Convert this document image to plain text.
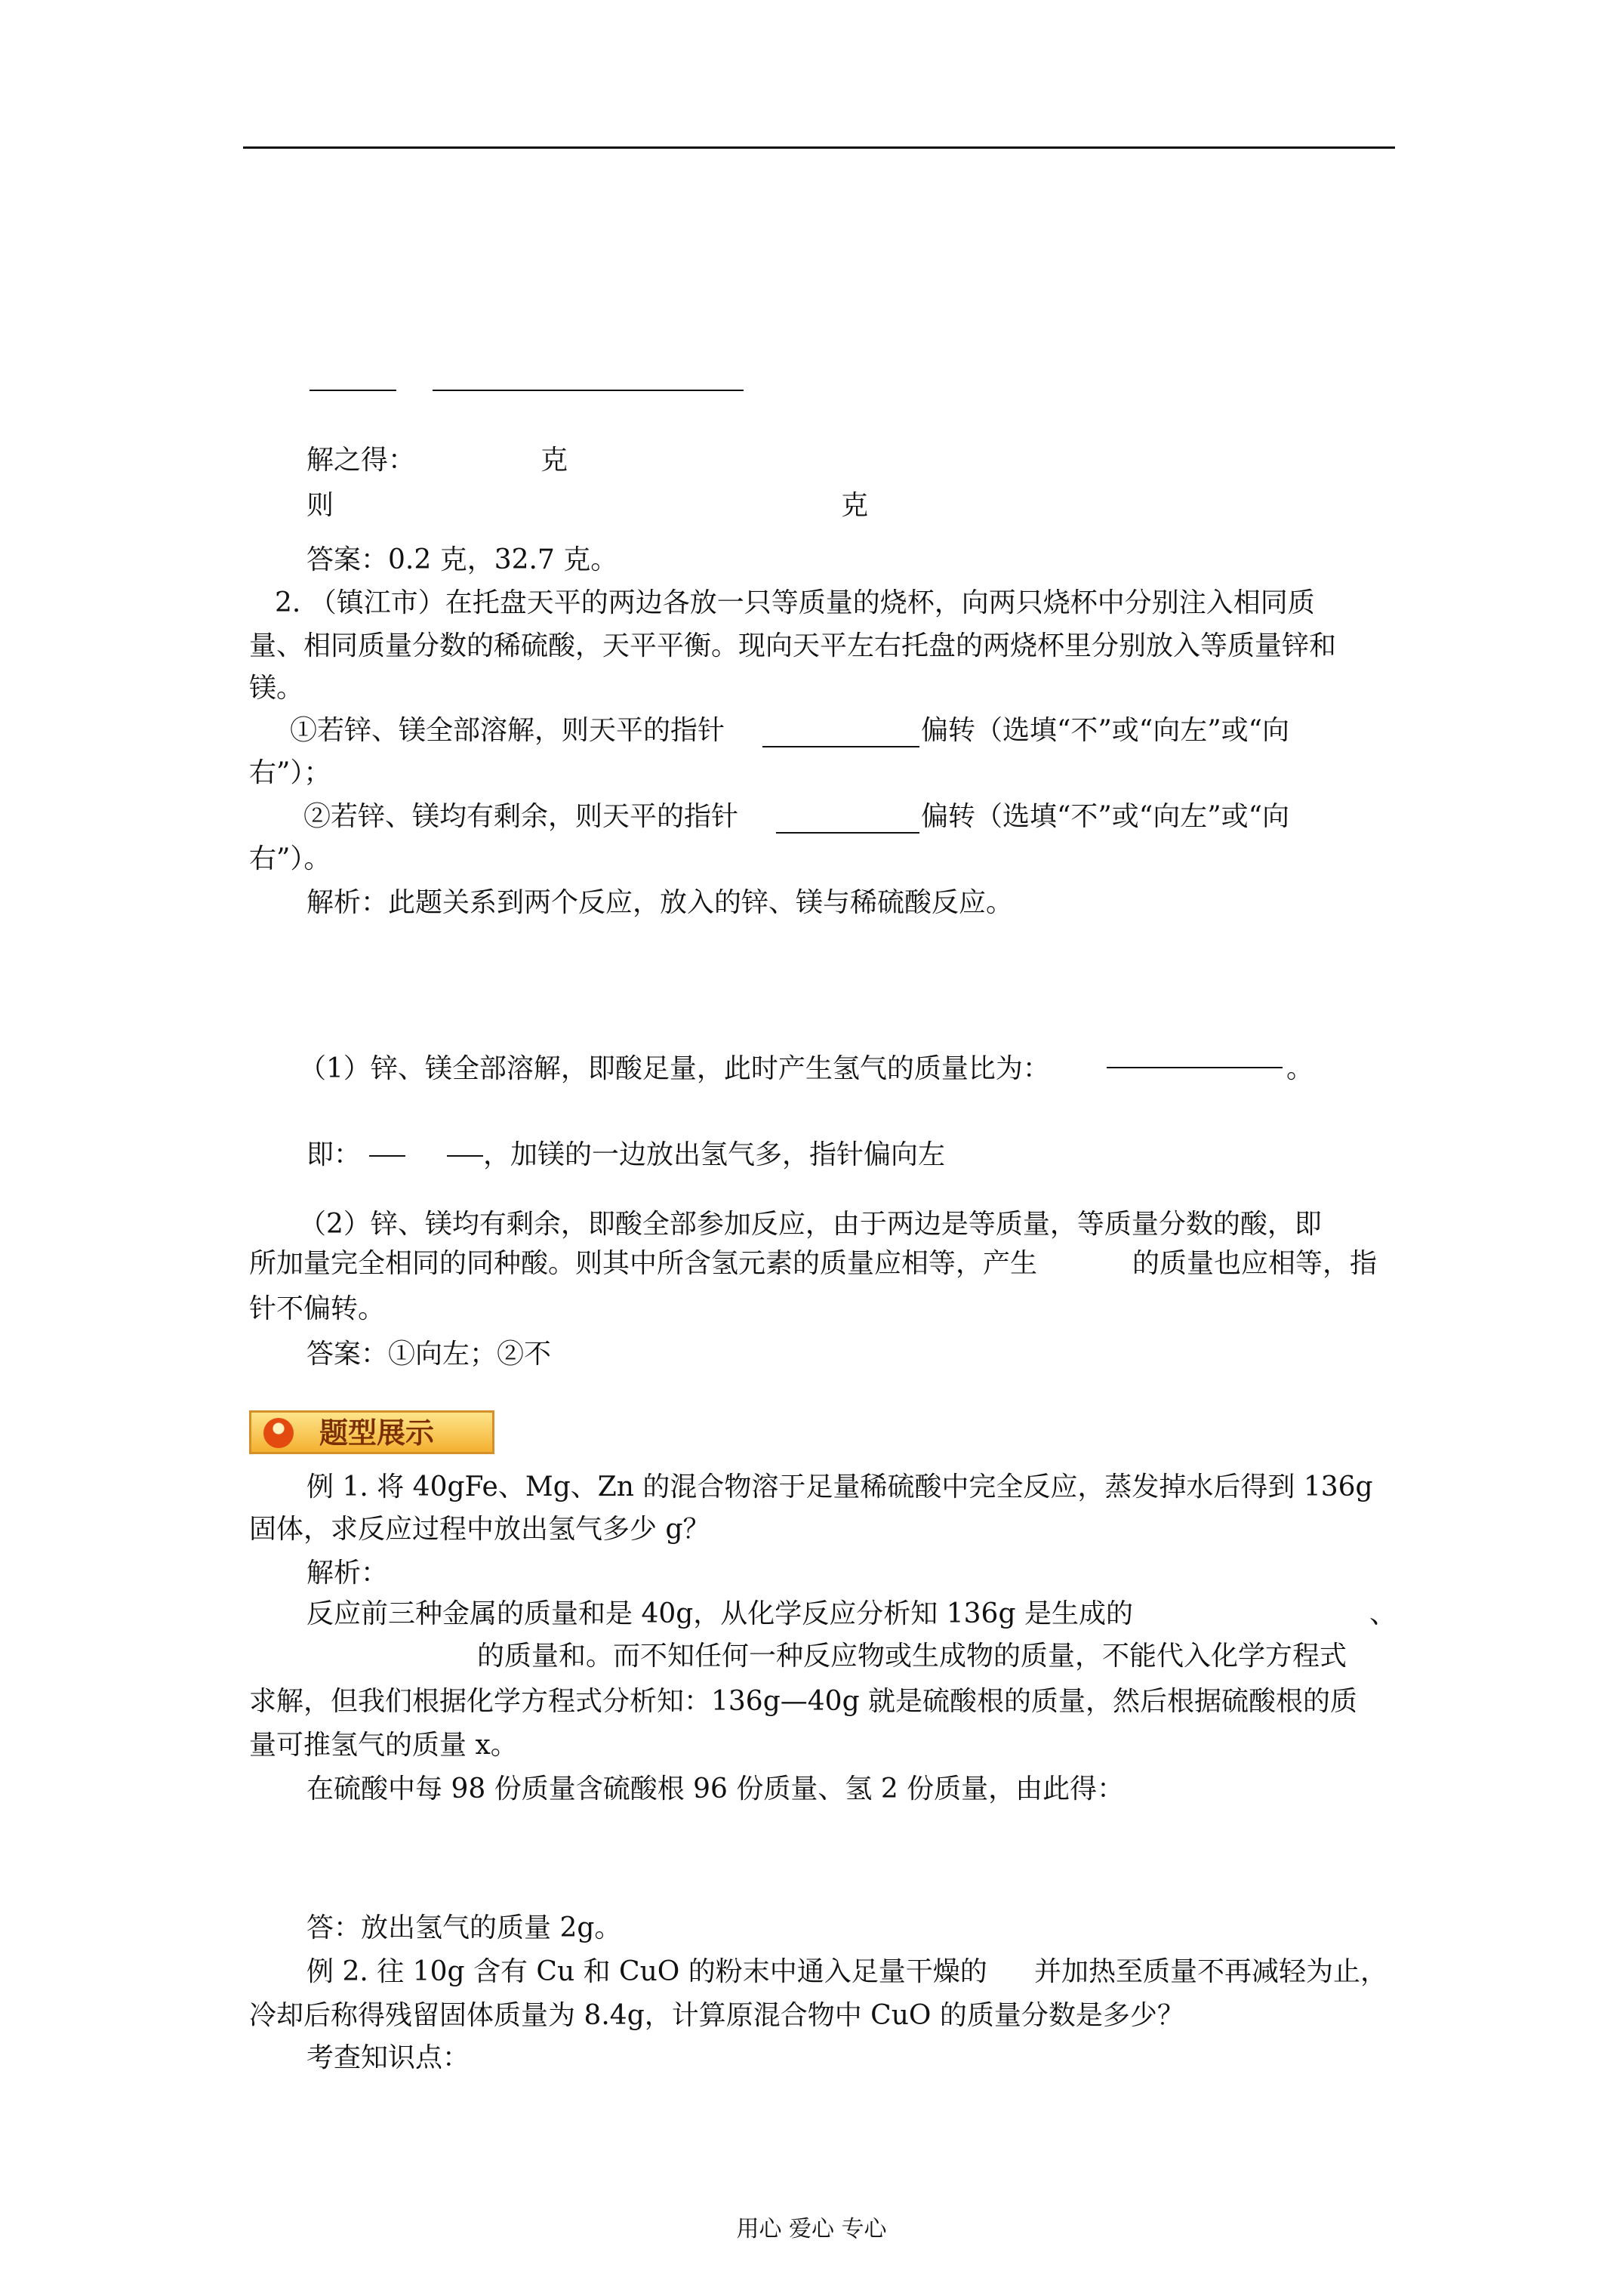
解之得：	克
则	克
答案：0.2 克，32.7 克。
2. （镇江市）在托盘天平的两边各放一只等质量的烧杯，向两只烧杯中分别注入相同质
量、相同质量分数的稀硫酸，天平平衡。现向天平左右托盘的两烧杯里分别放入等质量锌和
镁。
①若锌、镁全部溶解，则天平的指针	偏转（选填“不”或“向左”或“向
右”）；
②若锌、镁均有剩余，则天平的指针	偏转（选填“不”或“向左”或“向
右”）。
解析：此题关系到两个反应，放入的锌、镁与稀硫酸反应。
（1）锌、镁全部溶解，即酸足量，此时产生氢气的质量比为：	。
即：	，加镁的一边放出氢气多，指针偏向左
（2）锌、镁均有剩余，即酸全部参加反应，由于两边是等质量，等质量分数的酸，即
所加量完全相同的同种酸。则其中所含氢元素的质量应相等，产生	的质量也应相等，指
针不偏转。
答案：①向左；②不
题型展示
例 1. 将 40gFe、Mg、Zn 的混合物溶于足量稀硫酸中完全反应，蒸发掉水后得到 136g
固体，求反应过程中放出氢气多少 g？
解析：
反应前三种金属的质量和是 40g，从化学反应分析知 136g 是生成的	、
的质量和。而不知任何一种反应物或生成物的质量，不能代入化学方程式
求解，但我们根据化学方程式分析知：136g—40g 就是硫酸根的质量，然后根据硫酸根的质
量可推氢气的质量 x。
在硫酸中每 98 份质量含硫酸根 96 份质量、氢 2 份质量，由此得：
答：放出氢气的质量 2g。
例 2. 往 10g 含有 Cu 和 CuO 的粉末中通入足量干燥的 并加热至质量不再减轻为止，
冷却后称得残留固体质量为 8.4g，计算原混合物中 CuO 的质量分数是多少？
考查知识点：
用心 爱心 专心
